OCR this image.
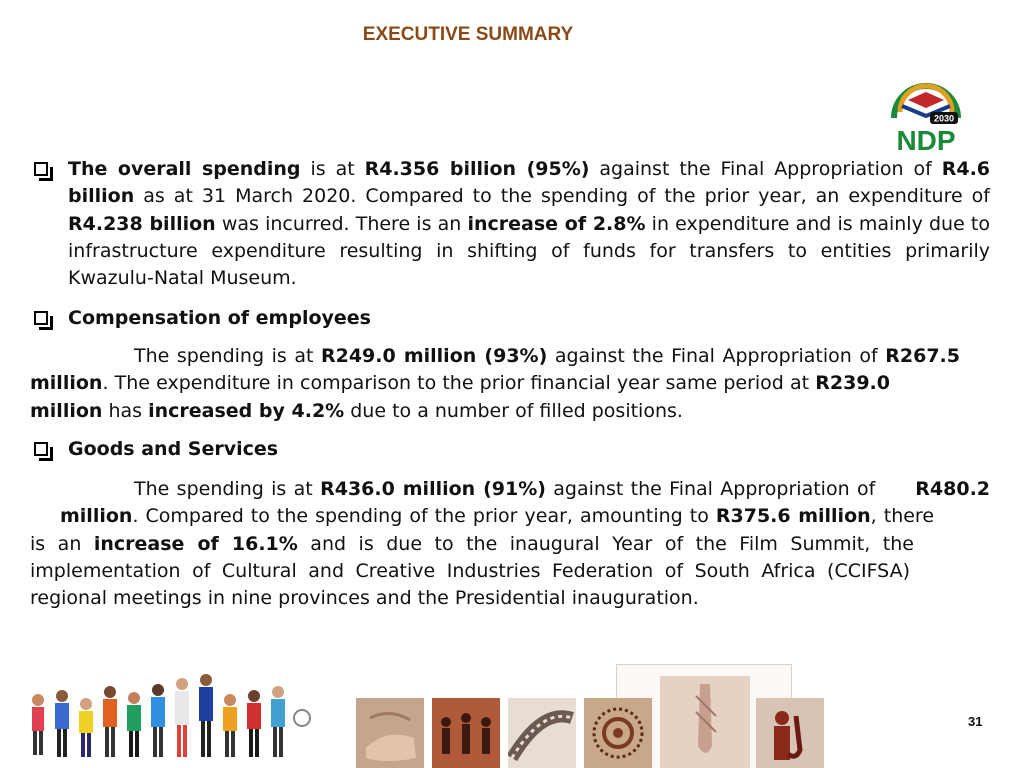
EXECUTIVE SUMMARY
2030
NDP
The overall spending is at R4.356 billion (95%) against the Final Appropriation of R4.6 billion as at 31 March 2020. Compared to the spending of the prior year, an expenditure of R4.238 billion was incurred. There is an increase of 2.8% in expenditure and is mainly due to infrastructure expenditure resulting in shifting of funds for transfers to entities primarily Kwazulu-Natal Museum.
Compensation of employees
The spending is at R249.0 million (93%) against the Final Appropriation of R267.5million. The expenditure in comparison to the prior financial year same period at R239.0million has increased by 4.2% due to a number of filled positions.
Goods and Services
The spending is at R436.0 million (91%) against the Final Appropriation of R480.2million. Compared to the spending of the prior year, amounting to R375.6 million, thereis an increase of 16.1% and is due to the inaugural Year of the Film Summit, theimplementation of Cultural and Creative Industries Federation of South Africa (CCIFSA)regional meetings in nine provinces and the Presidential inauguration.
31
